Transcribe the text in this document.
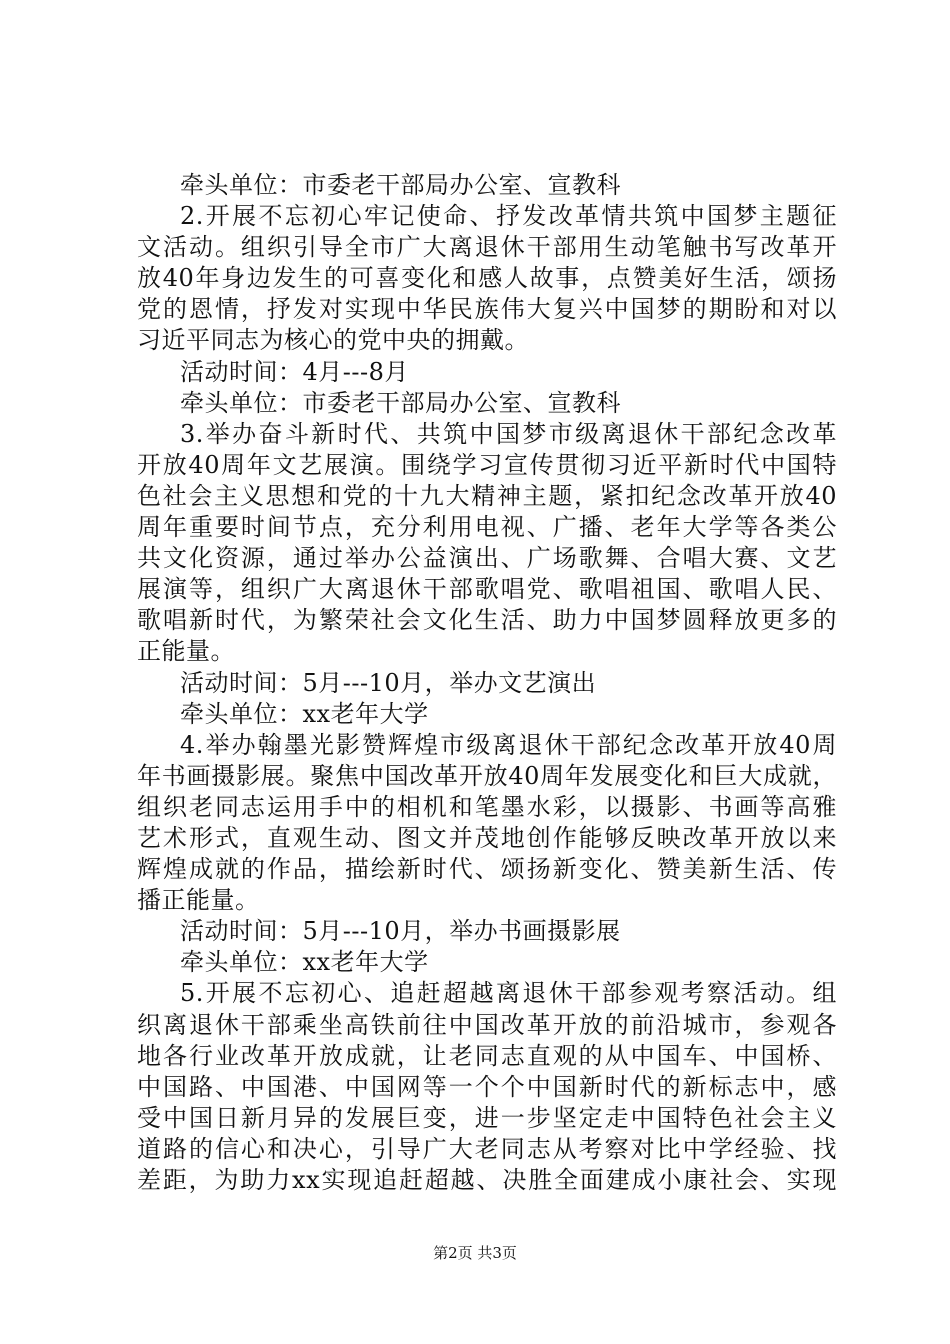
牵头单位：市委老干部局办公室、宣教科
2.开展不忘初心牢记使命、抒发改革情共筑中国梦主题征
文活动。组织引导全市广大离退休干部用生动笔触书写改革开
放40年身边发生的可喜变化和感人故事，点赞美好生活，颂扬
党的恩情，抒发对实现中华民族伟大复兴中国梦的期盼和对以
习近平同志为核心的党中央的拥戴。
活动时间：4月---8月
牵头单位：市委老干部局办公室、宣教科
3.举办奋斗新时代、共筑中国梦市级离退休干部纪念改革
开放40周年文艺展演。围绕学习宣传贯彻习近平新时代中国特
色社会主义思想和党的十九大精神主题，紧扣纪念改革开放40
周年重要时间节点，充分利用电视、广播、老年大学等各类公
共文化资源，通过举办公益演出、广场歌舞、合唱大赛、文艺
展演等，组织广大离退休干部歌唱党、歌唱祖国、歌唱人民、
歌唱新时代，为繁荣社会文化生活、助力中国梦圆释放更多的
正能量。
活动时间：5月---10月，举办文艺演出
牵头单位：xx老年大学
4.举办翰墨光影赞辉煌市级离退休干部纪念改革开放40周
年书画摄影展。聚焦中国改革开放40周年发展变化和巨大成就，
组织老同志运用手中的相机和笔墨水彩，以摄影、书画等高雅
艺术形式，直观生动、图文并茂地创作能够反映改革开放以来
辉煌成就的作品，描绘新时代、颂扬新变化、赞美新生活、传
播正能量。
活动时间：5月---10月，举办书画摄影展
牵头单位：xx老年大学
5.开展不忘初心、追赶超越离退休干部参观考察活动。组
织离退休干部乘坐高铁前往中国改革开放的前沿城市，参观各
地各行业改革开放成就，让老同志直观的从中国车、中国桥、
中国路、中国港、中国网等一个个中国新时代的新标志中，感
受中国日新月异的发展巨变，进一步坚定走中国特色社会主义
道路的信心和决心，引导广大老同志从考察对比中学经验、找
差距，为助力xx实现追赶超越、决胜全面建成小康社会、实现
第2页 共3页
